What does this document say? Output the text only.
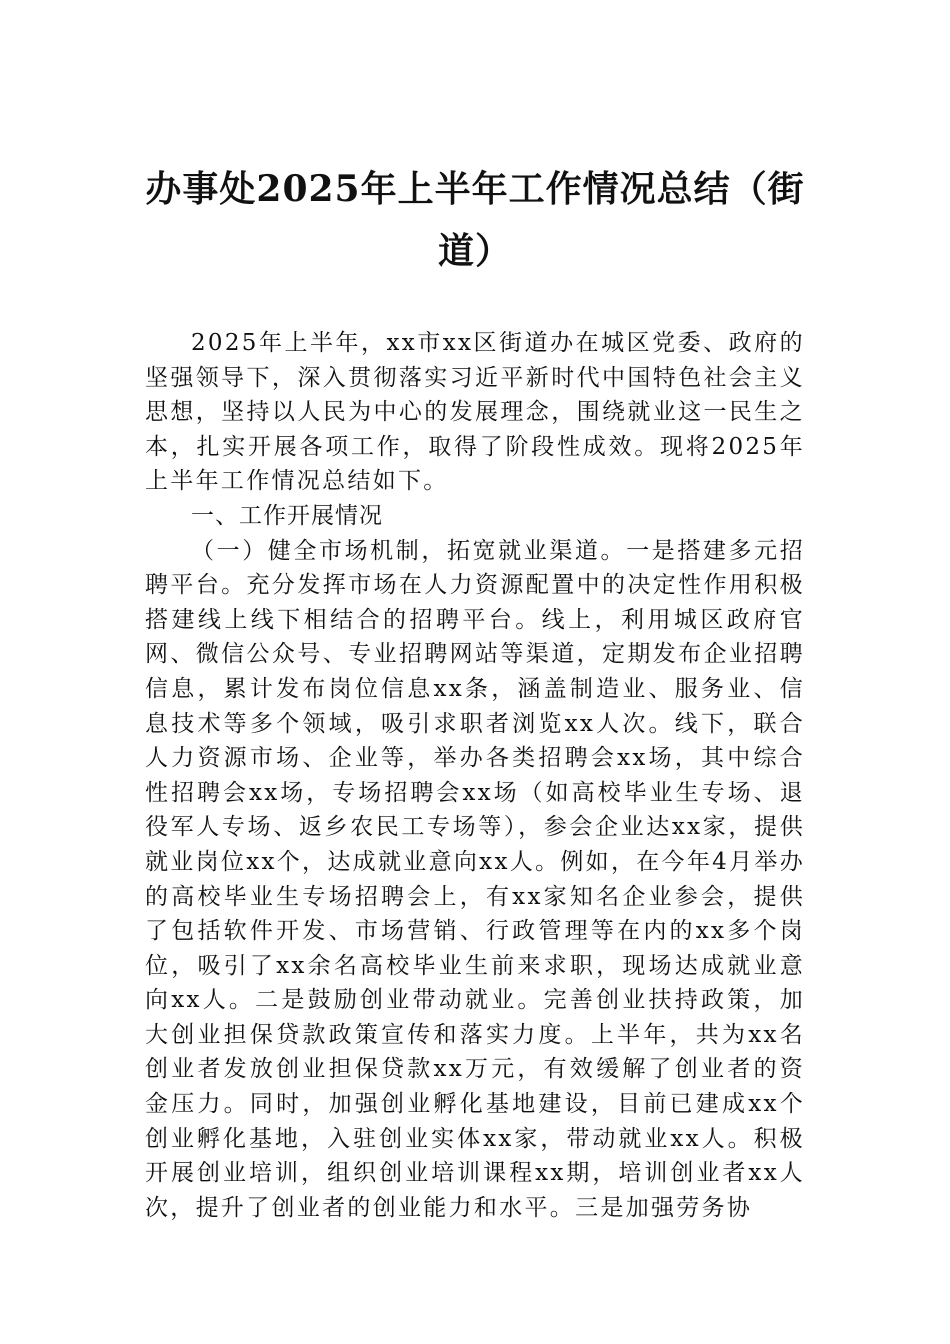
办事处2025年上半年工作情况总结（街道）

2025年上半年，xx市xx区街道办在城区党委、政府的坚强领导下，深入贯彻落实习近平新时代中国特色社会主义思想，坚持以人民为中心的发展理念，围绕就业这一民生之本，扎实开展各项工作，取得了阶段性成效。现将2025年上半年工作情况总结如下。

一、工作开展情况

（一）健全市场机制，拓宽就业渠道。一是搭建多元招聘平台。充分发挥市场在人力资源配置中的决定性作用积极搭建线上线下相结合的招聘平台。线上，利用城区政府官网、微信公众号、专业招聘网站等渠道，定期发布企业招聘信息，累计发布岗位信息xx条，涵盖制造业、服务业、信息技术等多个领域，吸引求职者浏览xx人次。线下，联合人力资源市场、企业等，举办各类招聘会xx场，其中综合性招聘会xx场，专场招聘会xx场（如高校毕业生专场、退役军人专场、返乡农民工专场等），参会企业达xx家，提供就业岗位xx个，达成就业意向xx人。例如，在今年4月举办的高校毕业生专场招聘会上，有xx家知名企业参会，提供了包括软件开发、市场营销、行政管理等在内的xx多个岗位，吸引了xx余名高校毕业生前来求职，现场达成就业意向xx人。二是鼓励创业带动就业。完善创业扶持政策，加大创业担保贷款政策宣传和落实力度。上半年，共为xx名创业者发放创业担保贷款xx万元，有效缓解了创业者的资金压力。同时，加强创业孵化基地建设，目前已建成xx个创业孵化基地，入驻创业实体xx家，带动就业xx人。积极开展创业培训，组织创业培训课程xx期，培训创业者xx人次，提升了创业者的创业能力和水平。三是加强劳务协
